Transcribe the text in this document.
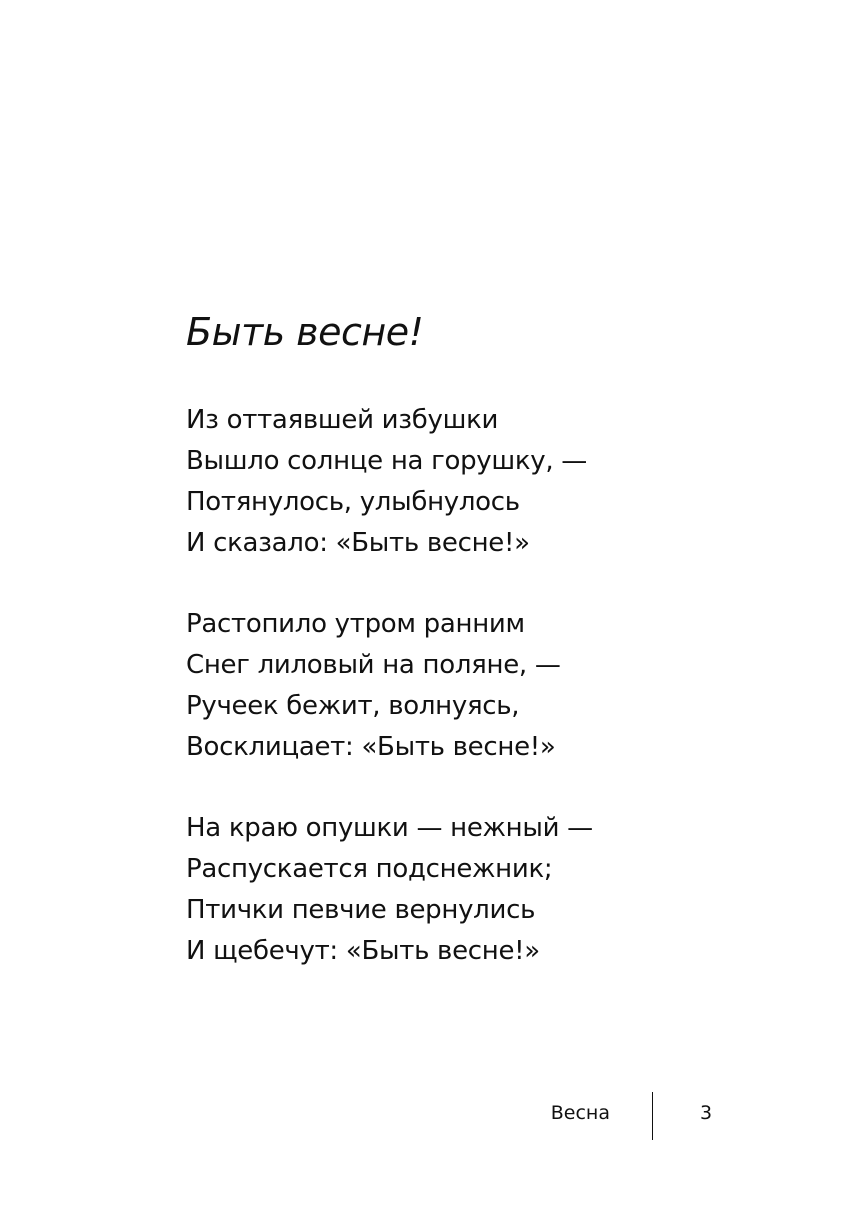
Быть весне!
Из оттаявшей избушки
Вышло солнце на горушку, —
Потянулось, улыбнулось
И сказало: «Быть весне!»
Растопило утром ранним
Снег лиловый на поляне, —
Ручеек бежит, волнуясь,
Восклицает: «Быть весне!»
На краю опушки — нежный —
Распускается подснежник;
Птички певчие вернулись
И щебечут: «Быть весне!»
Весна	3
